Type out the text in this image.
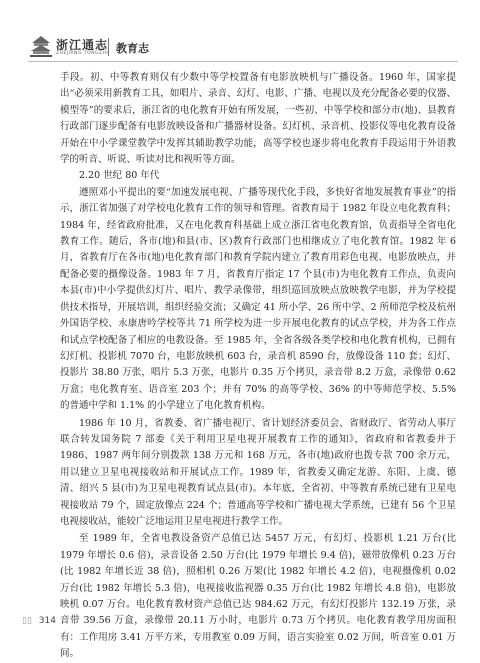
浙江通志
ZHEJIANG TONGZHI 教育志

手段。初、中等教育则仅有少数中等学校置备有电影放映机与广播设备。1960 年，国家提出“必须采用新教育工具，如唱片、录音、幻灯、电影、广播、电视以及充分配备必要的仪器、模型等”的要求后，浙江省的电化教育开始有所发展，一些初、中等学校和部分市(地)、县教育行政部门逐步配备有电影放映设备和广播器材设备。幻灯机、录音机、投影仪等电化教育设备开始在中小学课堂教学中发挥其辅助教学功能，高等学校也逐步将电化教育手段运用于外语教学的听音、听说、听读对比和视听等方面。

2.20 世纪 80 年代

遵照邓小平提出的要“加速发展电视、广播等现代化手段，多快好省地发展教育事业”的指示，浙江省加强了对学校电化教育工作的领导和管理。省教育局于 1982 年设立电化教育科；1984 年，经省政府批准，又在电化教育科基础上成立浙江省电化教育馆，负责指导全省电化教育工作。随后，各市(地)和县(市、区)教育行政部门也相继成立了电化教育馆。1982 年 6 月，省教育厅在各市(地)电化教育部门和教育学院内建立了教育用彩色电视、电影放映点，并配备必要的摄像设备。1983 年 7 月，省教育厅指定 17 个县(市)为电化教育工作点，负责向本县(市)中小学提供幻灯片、唱片、教学录像带，组织巡回放映点放映教学电影，并为学校提供技术指导，开展培训，组织经验交流；又确定 41 所小学、26 所中学、2 所师范学校及杭州外国语学校、永康唐吟学校等共 71 所学校为进一步开展电化教育的试点学校，并为各工作点和试点学校配备了相应的电教设备。至 1985 年，全省各级各类学校和电化教育机构，已拥有幻灯机、投影机 7070 台，电影放映机 603 台，录音机 8590 台，放像设备 110 套；幻灯、投影片 38.80 万张，唱片 5.3 万张，电影片 0.35 万个拷贝，录音带 8.2 万盒，录像带 0.62 万盒；电化教育室、语音室 203 个；并有 70% 的高等学校、36% 的中等师范学校、5.5% 的普通中学和 1.1% 的小学建立了电化教育机构。

1986 年 10 月，省教委、省广播电视厅、省计划经济委员会、省财政厅、省劳动人事厅联合转发国务院 7 部委《关于利用卫星电视开展教育工作的通知》，省政府和省教委并于 1986、1987 两年间分别拨款 138 万元和 168 万元，各市(地)政府也拨专款 700 余万元，用以建立卫星电视接收站和开展试点工作。1989 年，省教委又确定龙游、东阳、上虞、德清、绍兴 5 县(市)为卫星电视教育试点县(市)。本年底，全省初、中等教育系统已建有卫星电视接收站 79 个，固定放像点 224 个；普通高等学校和广播电视大学系统，已建有 56 个卫星电视接收站，能较广泛地运用卫星电视进行教学工作。

至 1989 年，全省电教设备资产总值已达 5457 万元，有幻灯、投影机 1.21 万台(比 1979 年增长 0.6 倍)，录音设备 2.50 万台(比 1979 年增长 9.4 倍)，磁带放像机 0.23 万台(比 1982 年增长近 38 倍)，照相机 0.26 万架(比 1982 年增长 4.2 倍)，电视摄像机 0.02 万台(比 1982 年增长 5.3 倍)，电视接收监视器 0.35 万台(比 1982 年增长 4.8 倍)，电影放映机 0.07 万台。电化教育教材资产总值已达 984.62 万元，有幻灯投影片 132.19 万张，录音带 39.56 万盒，录像带 20.11 万小时，电影片 0.73 万个拷贝。电化教育教学用房面积有：工作用房 3.41 万平方米，专用教室 0.09 万间，语言实验室 0.02 万间，听音室 0.01 万间。

▯▯ 314
